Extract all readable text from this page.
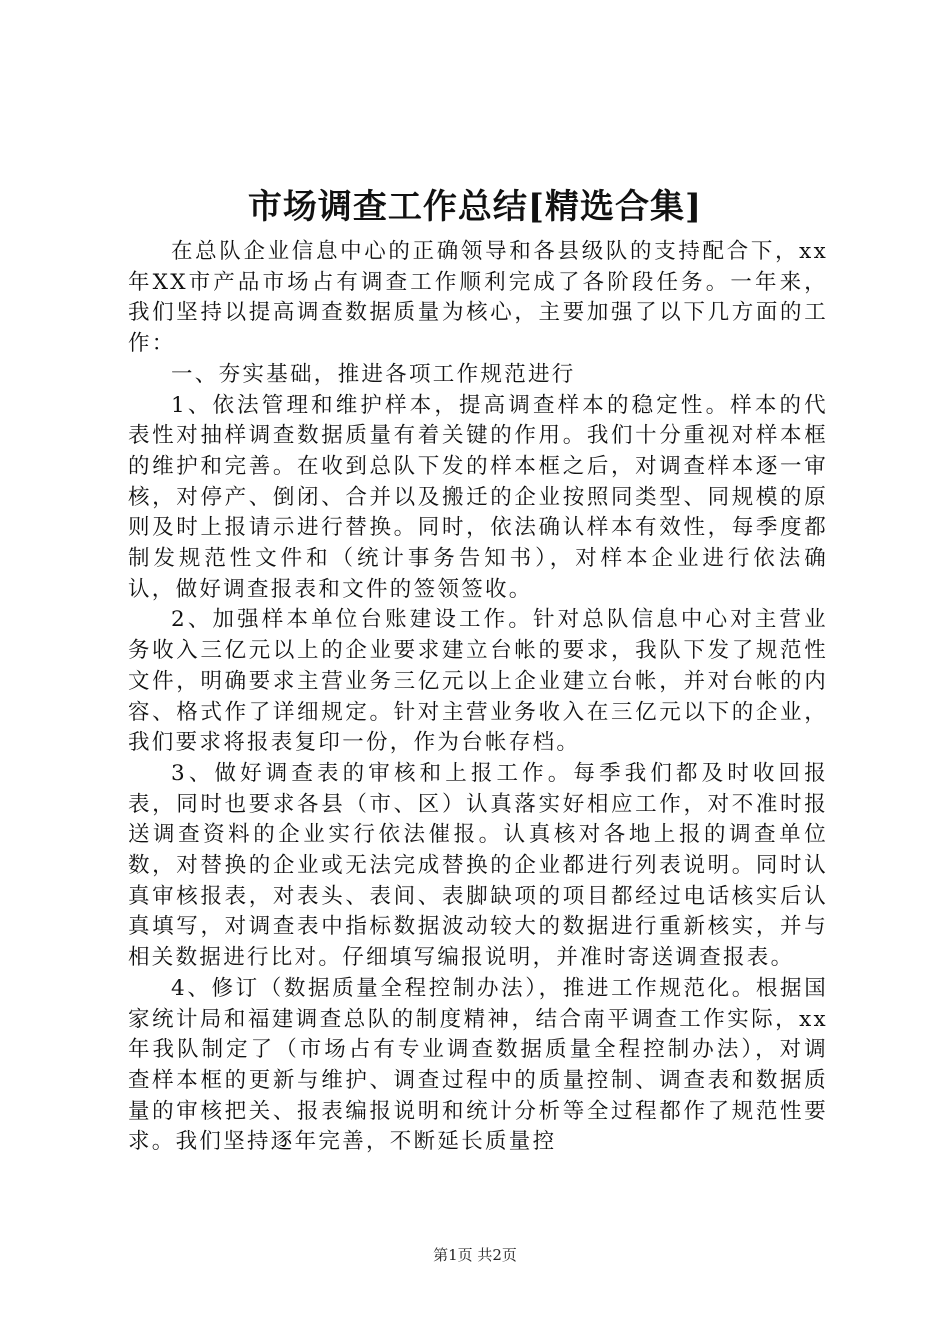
市场调查工作总结[精选合集]

在总队企业信息中心的正确领导和各县级队的支持配合下，xx年XX市产品市场占有调查工作顺利完成了各阶段任务。一年来，我们坚持以提高调查数据质量为核心，主要加强了以下几方面的工作：

一、夯实基础，推进各项工作规范进行

1、依法管理和维护样本，提高调查样本的稳定性。样本的代表性对抽样调查数据质量有着关键的作用。我们十分重视对样本框的维护和完善。在收到总队下发的样本框之后，对调查样本逐一审核，对停产、倒闭、合并以及搬迁的企业按照同类型、同规模的原则及时上报请示进行替换。同时，依法确认样本有效性，每季度都制发规范性文件和（统计事务告知书），对样本企业进行依法确认，做好调查报表和文件的签领签收。

2、加强样本单位台账建设工作。针对总队信息中心对主营业务收入三亿元以上的企业要求建立台帐的要求，我队下发了规范性文件，明确要求主营业务三亿元以上企业建立台帐，并对台帐的内容、格式作了详细规定。针对主营业务收入在三亿元以下的企业，我们要求将报表复印一份，作为台帐存档。

3、做好调查表的审核和上报工作。每季我们都及时收回报表，同时也要求各县（市、区）认真落实好相应工作，对不准时报送调查资料的企业实行依法催报。认真核对各地上报的调查单位数，对替换的企业或无法完成替换的企业都进行列表说明。同时认真审核报表，对表头、表间、表脚缺项的项目都经过电话核实后认真填写，对调查表中指标数据波动较大的数据进行重新核实，并与相关数据进行比对。仔细填写编报说明，并准时寄送调查报表。

4、修订（数据质量全程控制办法），推进工作规范化。根据国家统计局和福建调查总队的制度精神，结合南平调查工作实际，xx年我队制定了（市场占有专业调查数据质量全程控制办法），对调查样本框的更新与维护、调查过程中的质量控制、调查表和数据质量的审核把关、报表编报说明和统计分析等全过程都作了规范性要求。我们坚持逐年完善，不断延长质量控

第1页 共2页
